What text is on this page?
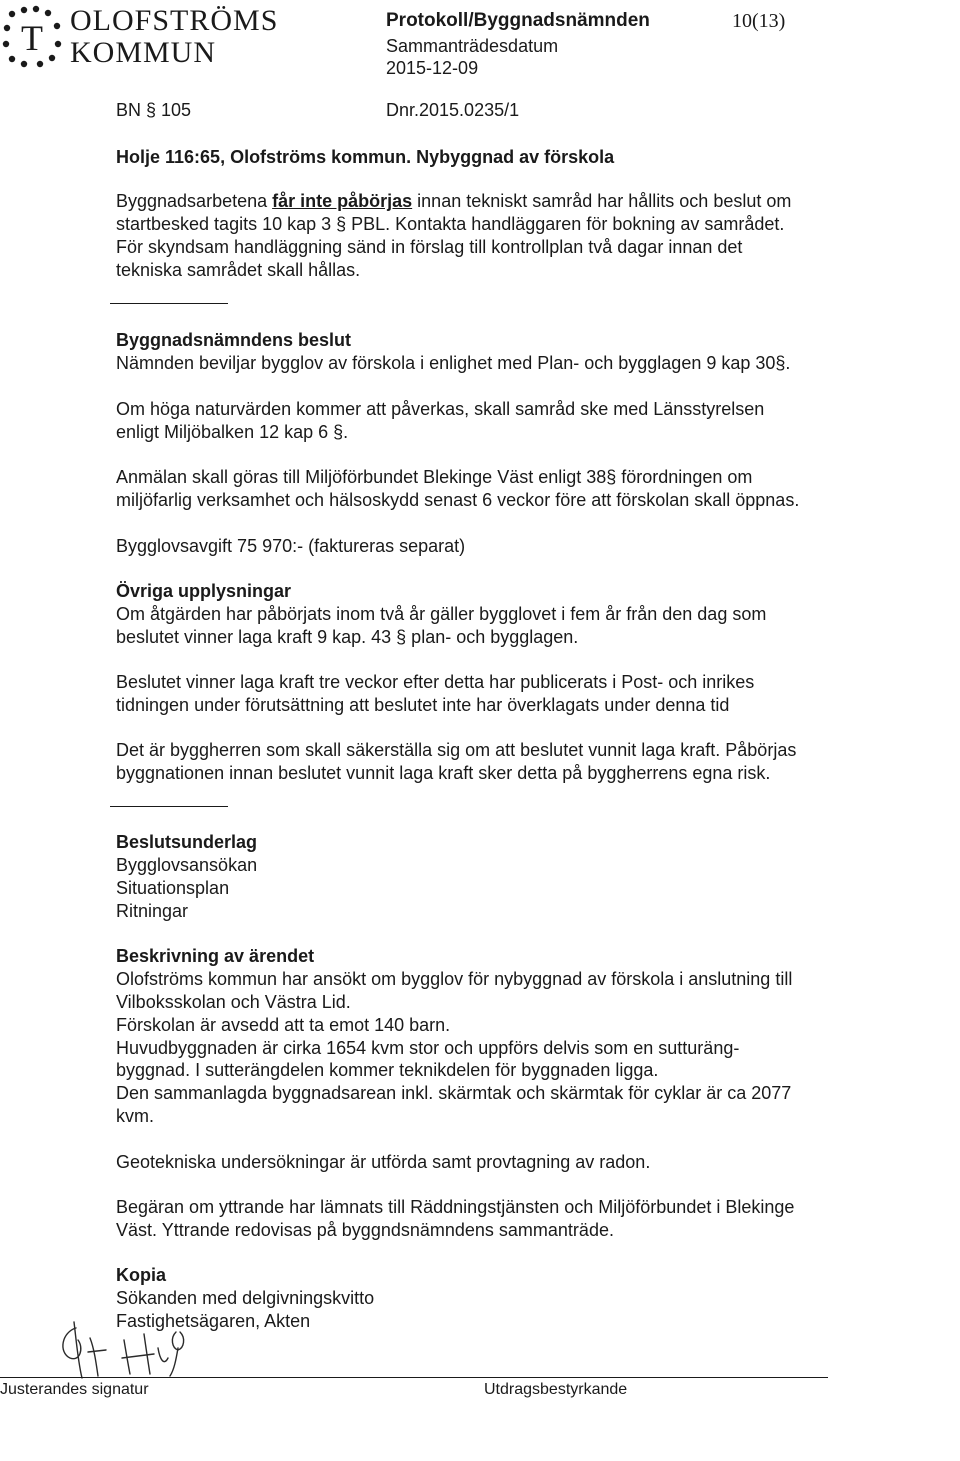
T OLOFSTRÖMS
KOMMUN
Protokoll/Byggnadsnämnden
Sammanträdesdatum
2015-12-09
10(13)
BN § 105	Dnr.2015.0235/1
Holje 116:65, Olofströms kommun. Nybyggnad av förskola
Byggnadsarbetena får inte påbörjas innan tekniskt samråd har hållits och beslut om
startbesked tagits 10 kap 3 § PBL. Kontakta handläggaren för bokning av samrådet.
För skyndsam handläggning sänd in förslag till kontrollplan två dagar innan det
tekniska samrådet skall hållas.
Byggnadsnämndens beslut
Nämnden beviljar bygglov av förskola i enlighet med Plan- och bygglagen 9 kap 30§.
Om höga naturvärden kommer att påverkas, skall samråd ske med Länsstyrelsen
enligt Miljöbalken 12 kap 6 §.
Anmälan skall göras till Miljöförbundet Blekinge Väst enligt 38§ förordningen om
miljöfarlig verksamhet och hälsoskydd senast 6 veckor före att förskolan skall öppnas.
Bygglovsavgift 75 970:- (faktureras separat)
Övriga upplysningar
Om åtgärden har påbörjats inom två år gäller bygglovet i fem år från den dag som
beslutet vinner laga kraft 9 kap. 43 § plan- och bygglagen.
Beslutet vinner laga kraft tre veckor efter detta har publicerats i Post- och inrikes
tidningen under förutsättning att beslutet inte har överklagats under denna tid
Det är byggherren som skall säkerställa sig om att beslutet vunnit laga kraft. Påbörjas
byggnationen innan beslutet vunnit laga kraft sker detta på byggherrens egna risk.
Beslutsunderlag
Bygglovsansökan
Situationsplan
Ritningar
Beskrivning av ärendet
Olofströms kommun har ansökt om bygglov för nybyggnad av förskola i anslutning till
Vilboksskolan och Västra Lid.
Förskolan är avsedd att ta emot 140 barn.
Huvudbyggnaden är cirka 1654 kvm stor och uppförs delvis som en sutturäng-
byggnad. I sutterängdelen kommer teknikdelen för byggnaden ligga.
Den sammanlagda byggnadsarean inkl. skärmtak och skärmtak för cyklar är ca 2077
kvm.
Geotekniska undersökningar är utförda samt provtagning av radon.
Begäran om yttrande har lämnats till Räddningstjänsten och Miljöförbundet i Blekinge
Väst. Yttrande redovisas på byggndsnämndens sammanträde.
Kopia
Sökanden med delgivningskvitto
Fastighetsägaren, Akten
Justerandes signatur	Utdragsbestyrkande
